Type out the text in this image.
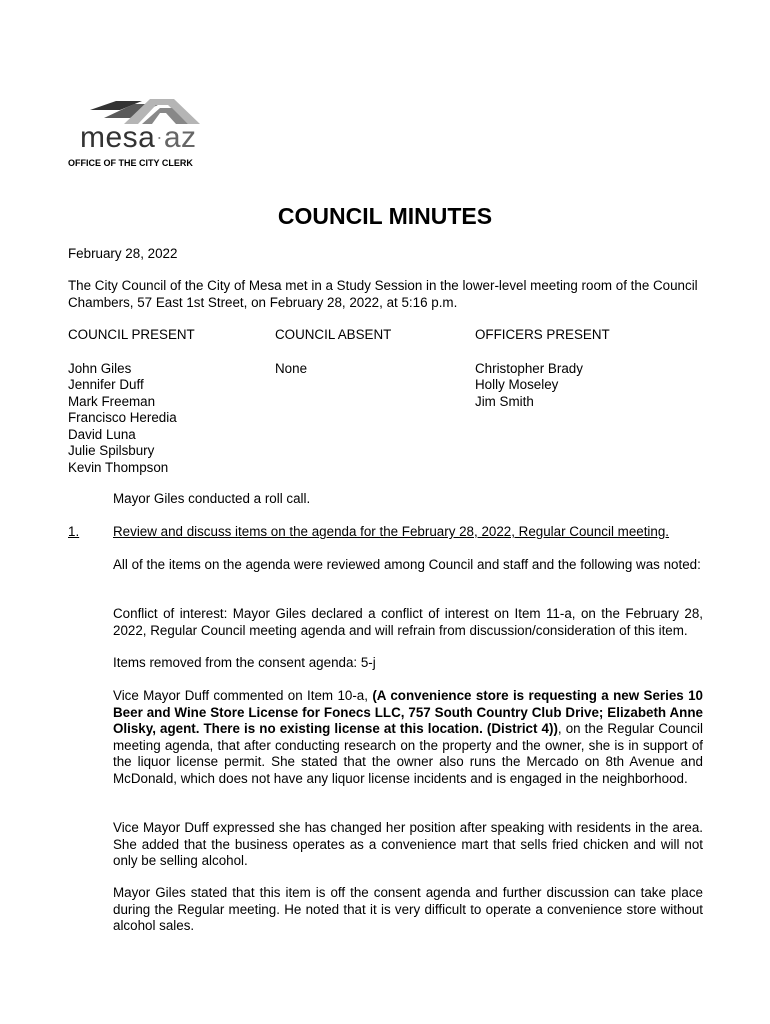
mesa·az
OFFICE OF THE CITY CLERK
COUNCIL MINUTES
February 28, 2022
The City Council of the City of Mesa met in a Study Session in the lower-level meeting room of the Council Chambers, 57 East 1st Street, on February 28, 2022, at 5:16 p.m.
COUNCIL PRESENT
John Giles
Jennifer Duff
Mark Freeman
Francisco Heredia
David Luna
Julie Spilsbury
Kevin Thompson
COUNCIL ABSENT
None
OFFICERS PRESENT
Christopher Brady
Holly Moseley
Jim Smith
Mayor Giles conducted a roll call.
1.	Review and discuss items on the agenda for the February 28, 2022, Regular Council meeting.
All of the items on the agenda were reviewed among Council and staff and the following was noted:
Conflict of interest: Mayor Giles declared a conflict of interest on Item 11-a, on the February 28, 2022, Regular Council meeting agenda and will refrain from discussion/consideration of this item.
Items removed from the consent agenda: 5-j
Vice Mayor Duff commented on Item 10-a, (A convenience store is requesting a new Series 10 Beer and Wine Store License for Fonecs LLC, 757 South Country Club Drive; Elizabeth Anne Olisky, agent. There is no existing license at this location. (District 4)), on the Regular Council meeting agenda, that after conducting research on the property and the owner, she is in support of the liquor license permit. She stated that the owner also runs the Mercado on 8th Avenue and McDonald, which does not have any liquor license incidents and is engaged in the neighborhood.
Vice Mayor Duff expressed she has changed her position after speaking with residents in the area. She added that the business operates as a convenience mart that sells fried chicken and will not only be selling alcohol.
Mayor Giles stated that this item is off the consent agenda and further discussion can take place during the Regular meeting. He noted that it is very difficult to operate a convenience store without alcohol sales.
